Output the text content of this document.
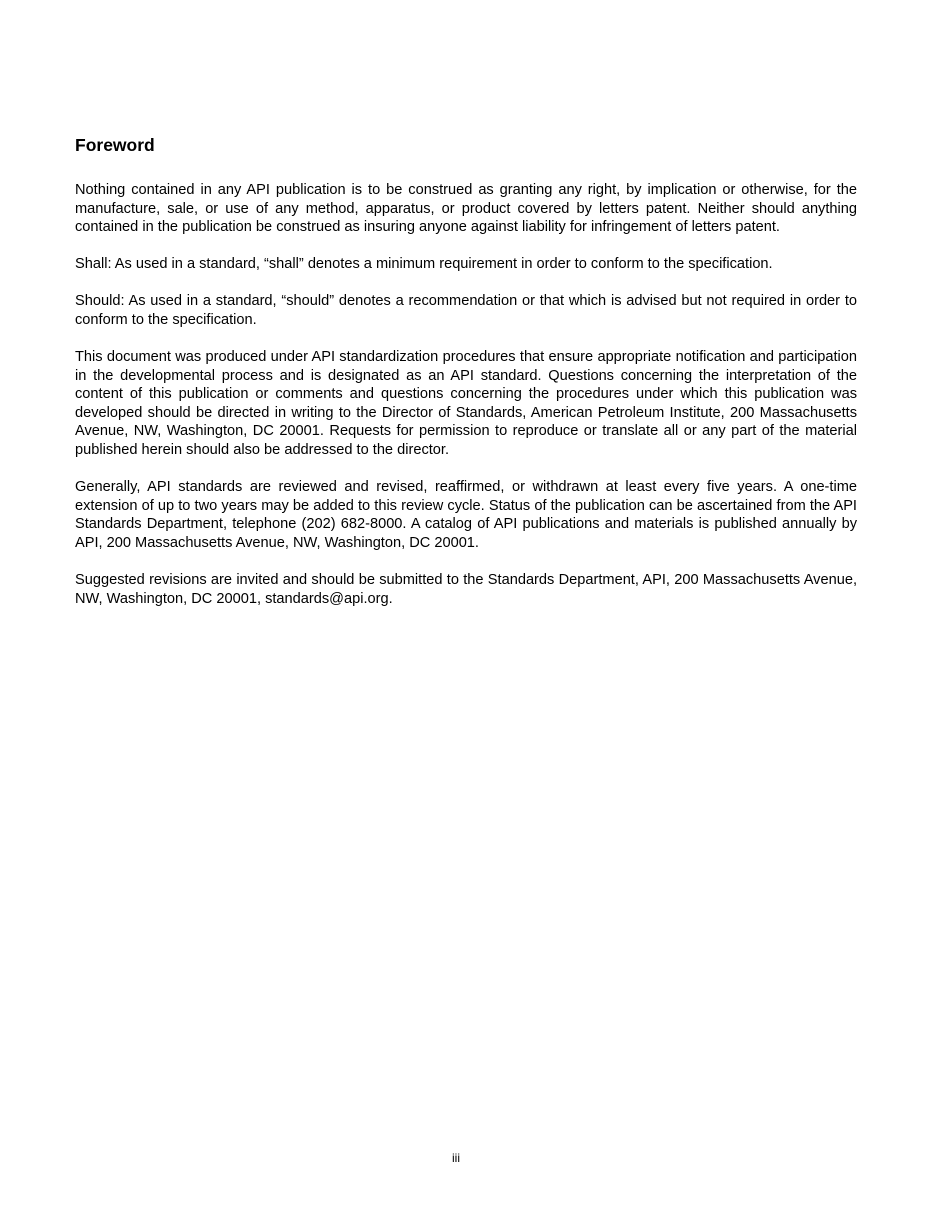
Foreword

Nothing contained in any API publication is to be construed as granting any right, by implication or otherwise, for the manufacture, sale, or use of any method, apparatus, or product covered by letters patent. Neither should anything contained in the publication be construed as insuring anyone against liability for infringement of letters patent.

Shall: As used in a standard, “shall” denotes a minimum requirement in order to conform to the specification.

Should: As used in a standard, “should” denotes a recommendation or that which is advised but not required in order to conform to the specification.

This document was produced under API standardization procedures that ensure appropriate notification and participation in the developmental process and is designated as an API standard. Questions concerning the interpretation of the content of this publication or comments and questions concerning the procedures under which this publication was developed should be directed in writing to the Director of Standards, American Petroleum Institute, 200 Massachusetts Avenue, NW, Washington, DC 20001. Requests for permission to reproduce or translate all or any part of the material published herein should also be addressed to the director.

Generally, API standards are reviewed and revised, reaffirmed, or withdrawn at least every five years. A one-time extension of up to two years may be added to this review cycle. Status of the publication can be ascertained from the API Standards Department, telephone (202) 682-8000. A catalog of API publications and materials is published annually by API, 200 Massachusetts Avenue, NW, Washington, DC 20001.

Suggested revisions are invited and should be submitted to the Standards Department, API, 200 Massachusetts Avenue, NW, Washington, DC 20001, standards@api.org.

iii
